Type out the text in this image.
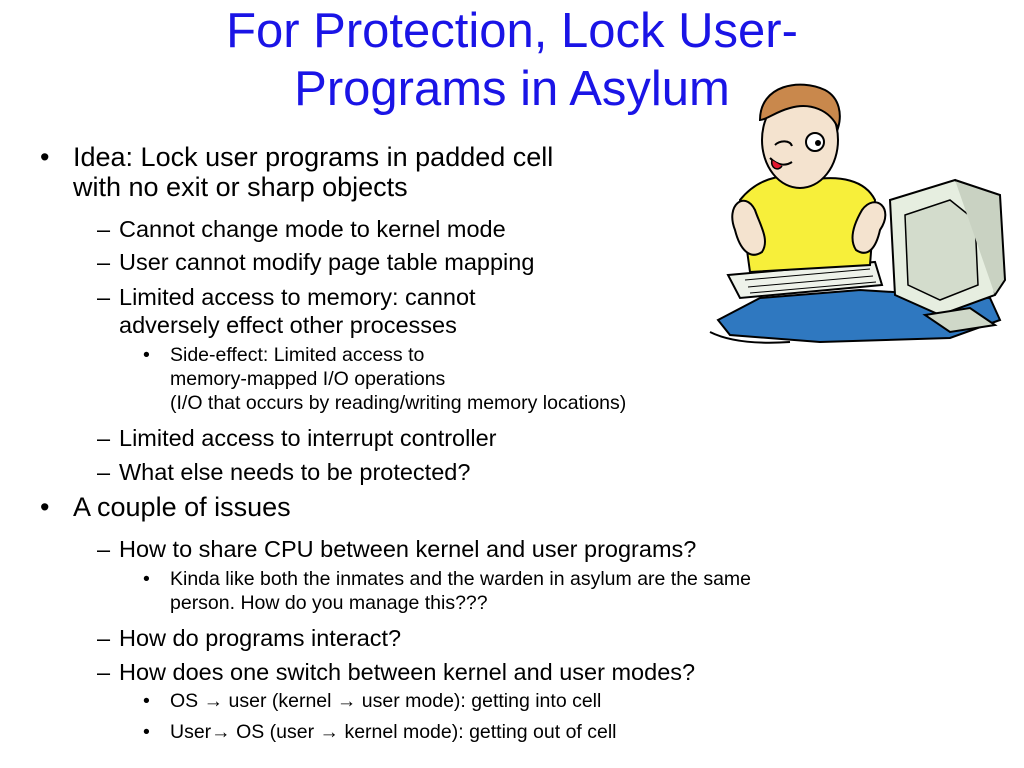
For Protection, Lock User-
Programs in Asylum
• Idea: Lock user programs in padded cell
with no exit or sharp objects
– Cannot change mode to kernel mode
– User cannot modify page table mapping
– Limited access to memory: cannot
adversely effect other processes
•	Side-effect: Limited access to
memory-mapped I/O operations
(I/O that occurs by reading/writing memory locations)
– Limited access to interrupt controller
– What else needs to be protected?
• A couple of issues
– How to share CPU between kernel and user programs?
•	Kinda like both the inmates and the warden in asylum are the same
person. How do you manage this???
– How do programs interact?
– How does one switch between kernel and user modes?
•	OS → user (kernel → user mode): getting into cell
•	User→ OS (user → kernel mode): getting out of cell
